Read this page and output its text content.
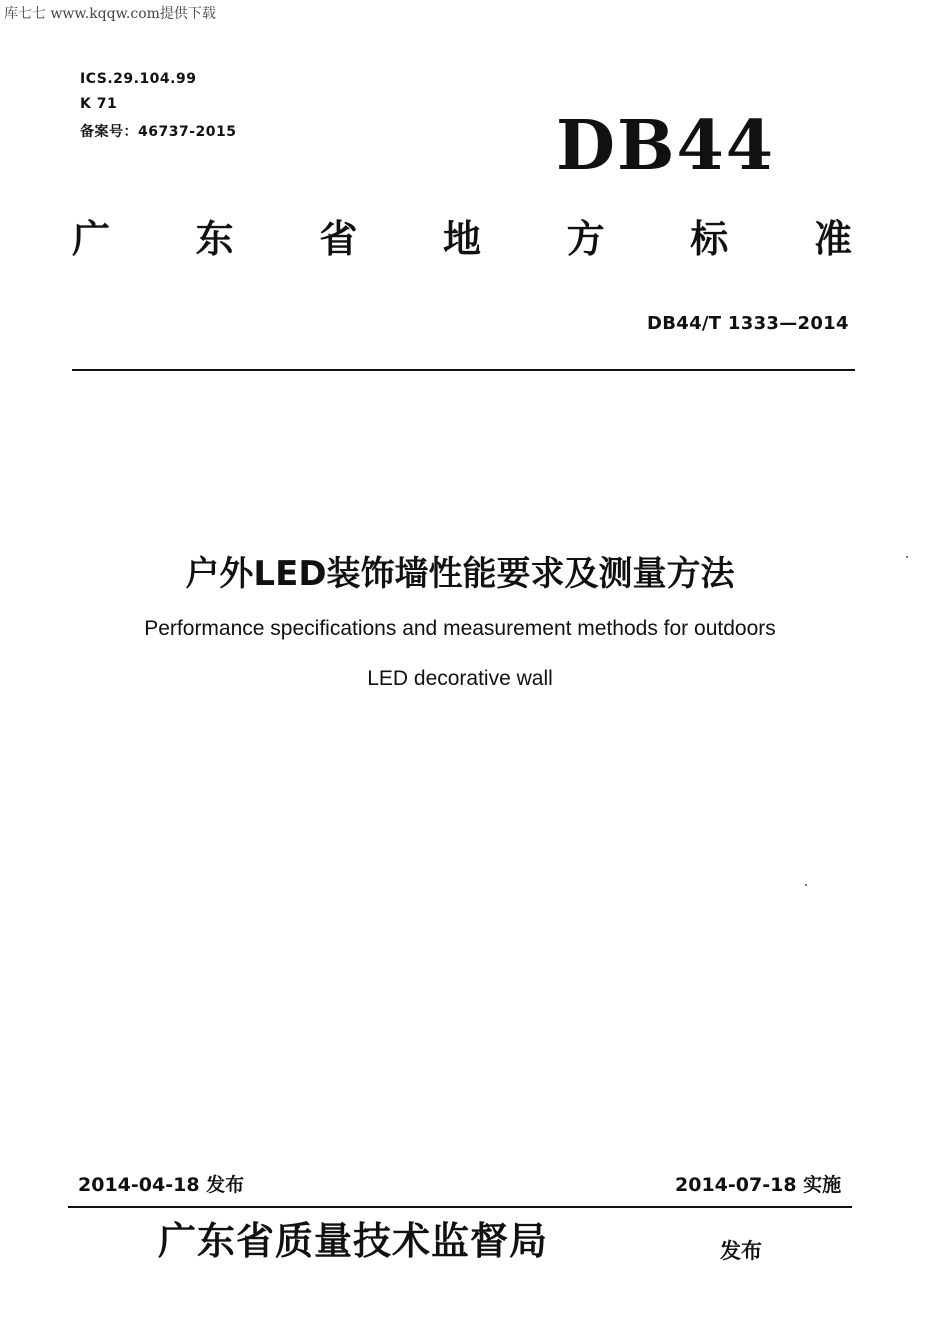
库七七 www.kqqw.com提供下载
ICS.29.104.99
K 71
备案号：46737-2015	DB44
广 东 省 地 方 标 准
DB44/T 1333—2014
户外LED装饰墙性能要求及测量方法
Performance specifications and measurement methods for outdoors
LED decorative wall
2014-04-18 发布	2014-07-18 实施
广东省质量技术监督局	发布
